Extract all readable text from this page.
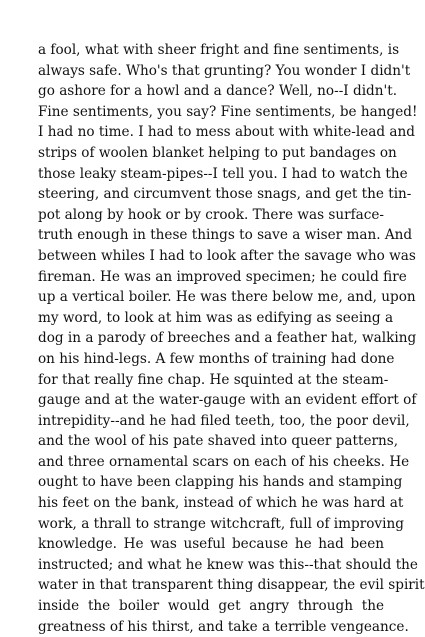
a fool, what with sheer fright and fine sentiments, is
always safe. Who's that grunting? You wonder I didn't
go ashore for a howl and a dance? Well, no--I didn't.
Fine sentiments, you say? Fine sentiments, be hanged!
I had no time. I had to mess about with white-lead and
strips of woolen blanket helping to put bandages on
those leaky steam-pipes--I tell you. I had to watch the
steering, and circumvent those snags, and get the tin-
pot along by hook or by crook. There was surface-
truth enough in these things to save a wiser man. And
between whiles I had to look after the savage who was
fireman. He was an improved specimen; he could fire
up a vertical boiler. He was there below me, and, upon
my word, to look at him was as edifying as seeing a
dog in a parody of breeches and a feather hat, walking
on his hind-legs. A few months of training had done
for that really fine chap. He squinted at the steam-
gauge and at the water-gauge with an evident effort of
intrepidity--and he had filed teeth, too, the poor devil,
and the wool of his pate shaved into queer patterns,
and three ornamental scars on each of his cheeks. He
ought to have been clapping his hands and stamping
his feet on the bank, instead of which he was hard at
work, a thrall to strange witchcraft, full of improving
knowledge. He was useful because he had been
instructed; and what he knew was this--that should the
water in that transparent thing disappear, the evil spirit
inside the boiler would get angry through the
greatness of his thirst, and take a terrible vengeance.
